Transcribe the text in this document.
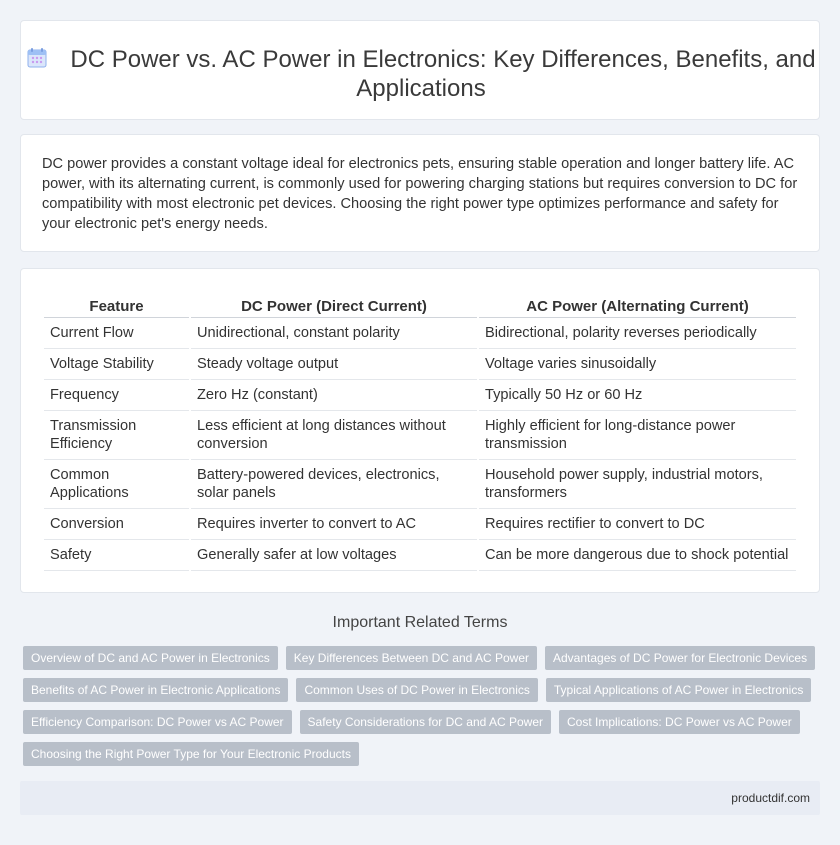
DC Power vs. AC Power in Electronics: Key Differences, Benefits, and Applications

DC power provides a constant voltage ideal for electronics pets, ensuring stable operation and longer battery life. AC power, with its alternating current, is commonly used for powering charging stations but requires conversion to DC for compatibility with most electronic pet devices. Choosing the right power type optimizes performance and safety for your electronic pet's energy needs.

Feature	DC Power (Direct Current)	AC Power (Alternating Current)
Current Flow	Unidirectional, constant polarity	Bidirectional, polarity reverses periodically
Voltage Stability	Steady voltage output	Voltage varies sinusoidally
Frequency	Zero Hz (constant)	Typically 50 Hz or 60 Hz
Transmission Efficiency	Less efficient at long distances without conversion	Highly efficient for long-distance power transmission
Common Applications	Battery-powered devices, electronics, solar panels	Household power supply, industrial motors, transformers
Conversion	Requires inverter to convert to AC	Requires rectifier to convert to DC
Safety	Generally safer at low voltages	Can be more dangerous due to shock potential
Important Related Terms
Overview of DC and AC Power in Electronics	Key Differences Between DC and AC Power	Advantages of DC Power for Electronic Devices
Benefits of AC Power in Electronic Applications	Common Uses of DC Power in Electronics	Typical Applications of AC Power in Electronics
Efficiency Comparison: DC Power vs AC Power	Safety Considerations for DC and AC Power	Cost Implications: DC Power vs AC Power
Choosing the Right Power Type for Your Electronic Products
productdif.com
